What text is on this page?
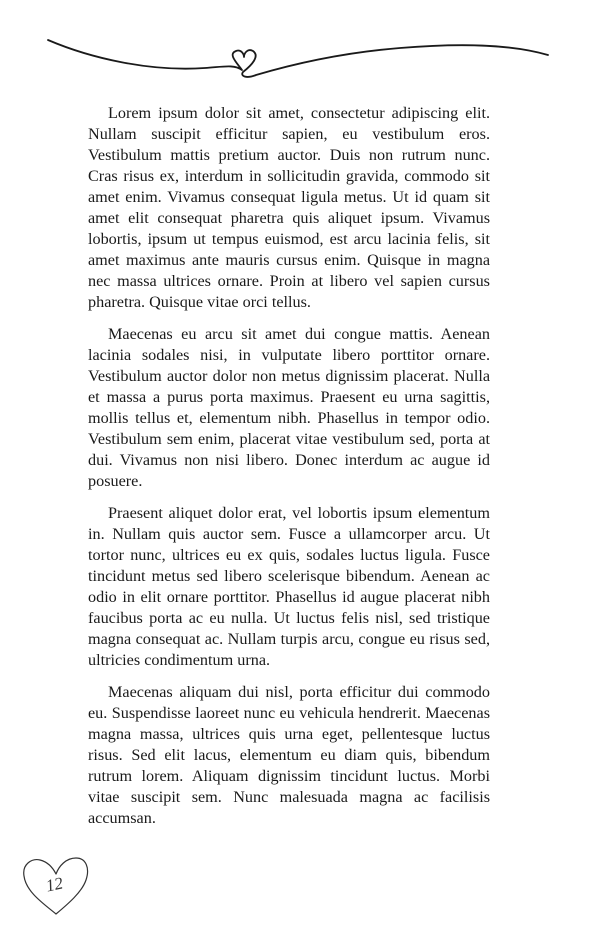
Lorem ipsum dolor sit amet, consectetur adipiscing elit. Nullam suscipit efficitur sapien, eu vestibulum eros. Vestibulum mattis pretium auctor. Duis non rutrum nunc. Cras risus ex, interdum in sollicitudin gravida, commodo sit amet enim. Vivamus consequat ligula metus. Ut id quam sit amet elit consequat pharetra quis aliquet ipsum. Vivamus lobortis, ipsum ut tempus euismod, est arcu lacinia felis, sit amet maximus ante mauris cursus enim. Quisque in magna nec massa ultrices ornare. Proin at libero vel sapien cursus pharetra. Quisque vitae orci tellus.

Maecenas eu arcu sit amet dui congue mattis. Aenean lacinia sodales nisi, in vulputate libero porttitor ornare. Vestibulum auctor dolor non metus dignissim placerat. Nulla et massa a purus porta maximus. Praesent eu urna sagittis, mollis tellus et, elementum nibh. Phasellus in tempor odio. Vestibulum sem enim, placerat vitae vestibulum sed, porta at dui. Vivamus non nisi libero. Donec interdum ac augue id posuere.

Praesent aliquet dolor erat, vel lobortis ipsum elementum in. Nullam quis auctor sem. Fusce a ullamcorper arcu. Ut tortor nunc, ultrices eu ex quis, sodales luctus ligula. Fusce tincidunt metus sed libero scelerisque bibendum. Aenean ac odio in elit ornare porttitor. Phasellus id augue placerat nibh faucibus porta ac eu nulla. Ut luctus felis nisl, sed tristique magna consequat ac. Nullam turpis arcu, congue eu risus sed, ultricies condimentum urna.

Maecenas aliquam dui nisl, porta efficitur dui commodo eu. Suspendisse laoreet nunc eu vehicula hendrerit. Maecenas magna massa, ultrices quis urna eget, pellentesque luctus risus. Sed elit lacus, elementum eu diam quis, bibendum rutrum lorem. Aliquam dignissim tincidunt luctus. Morbi vitae suscipit sem. Nunc malesuada magna ac facilisis accumsan.

12
